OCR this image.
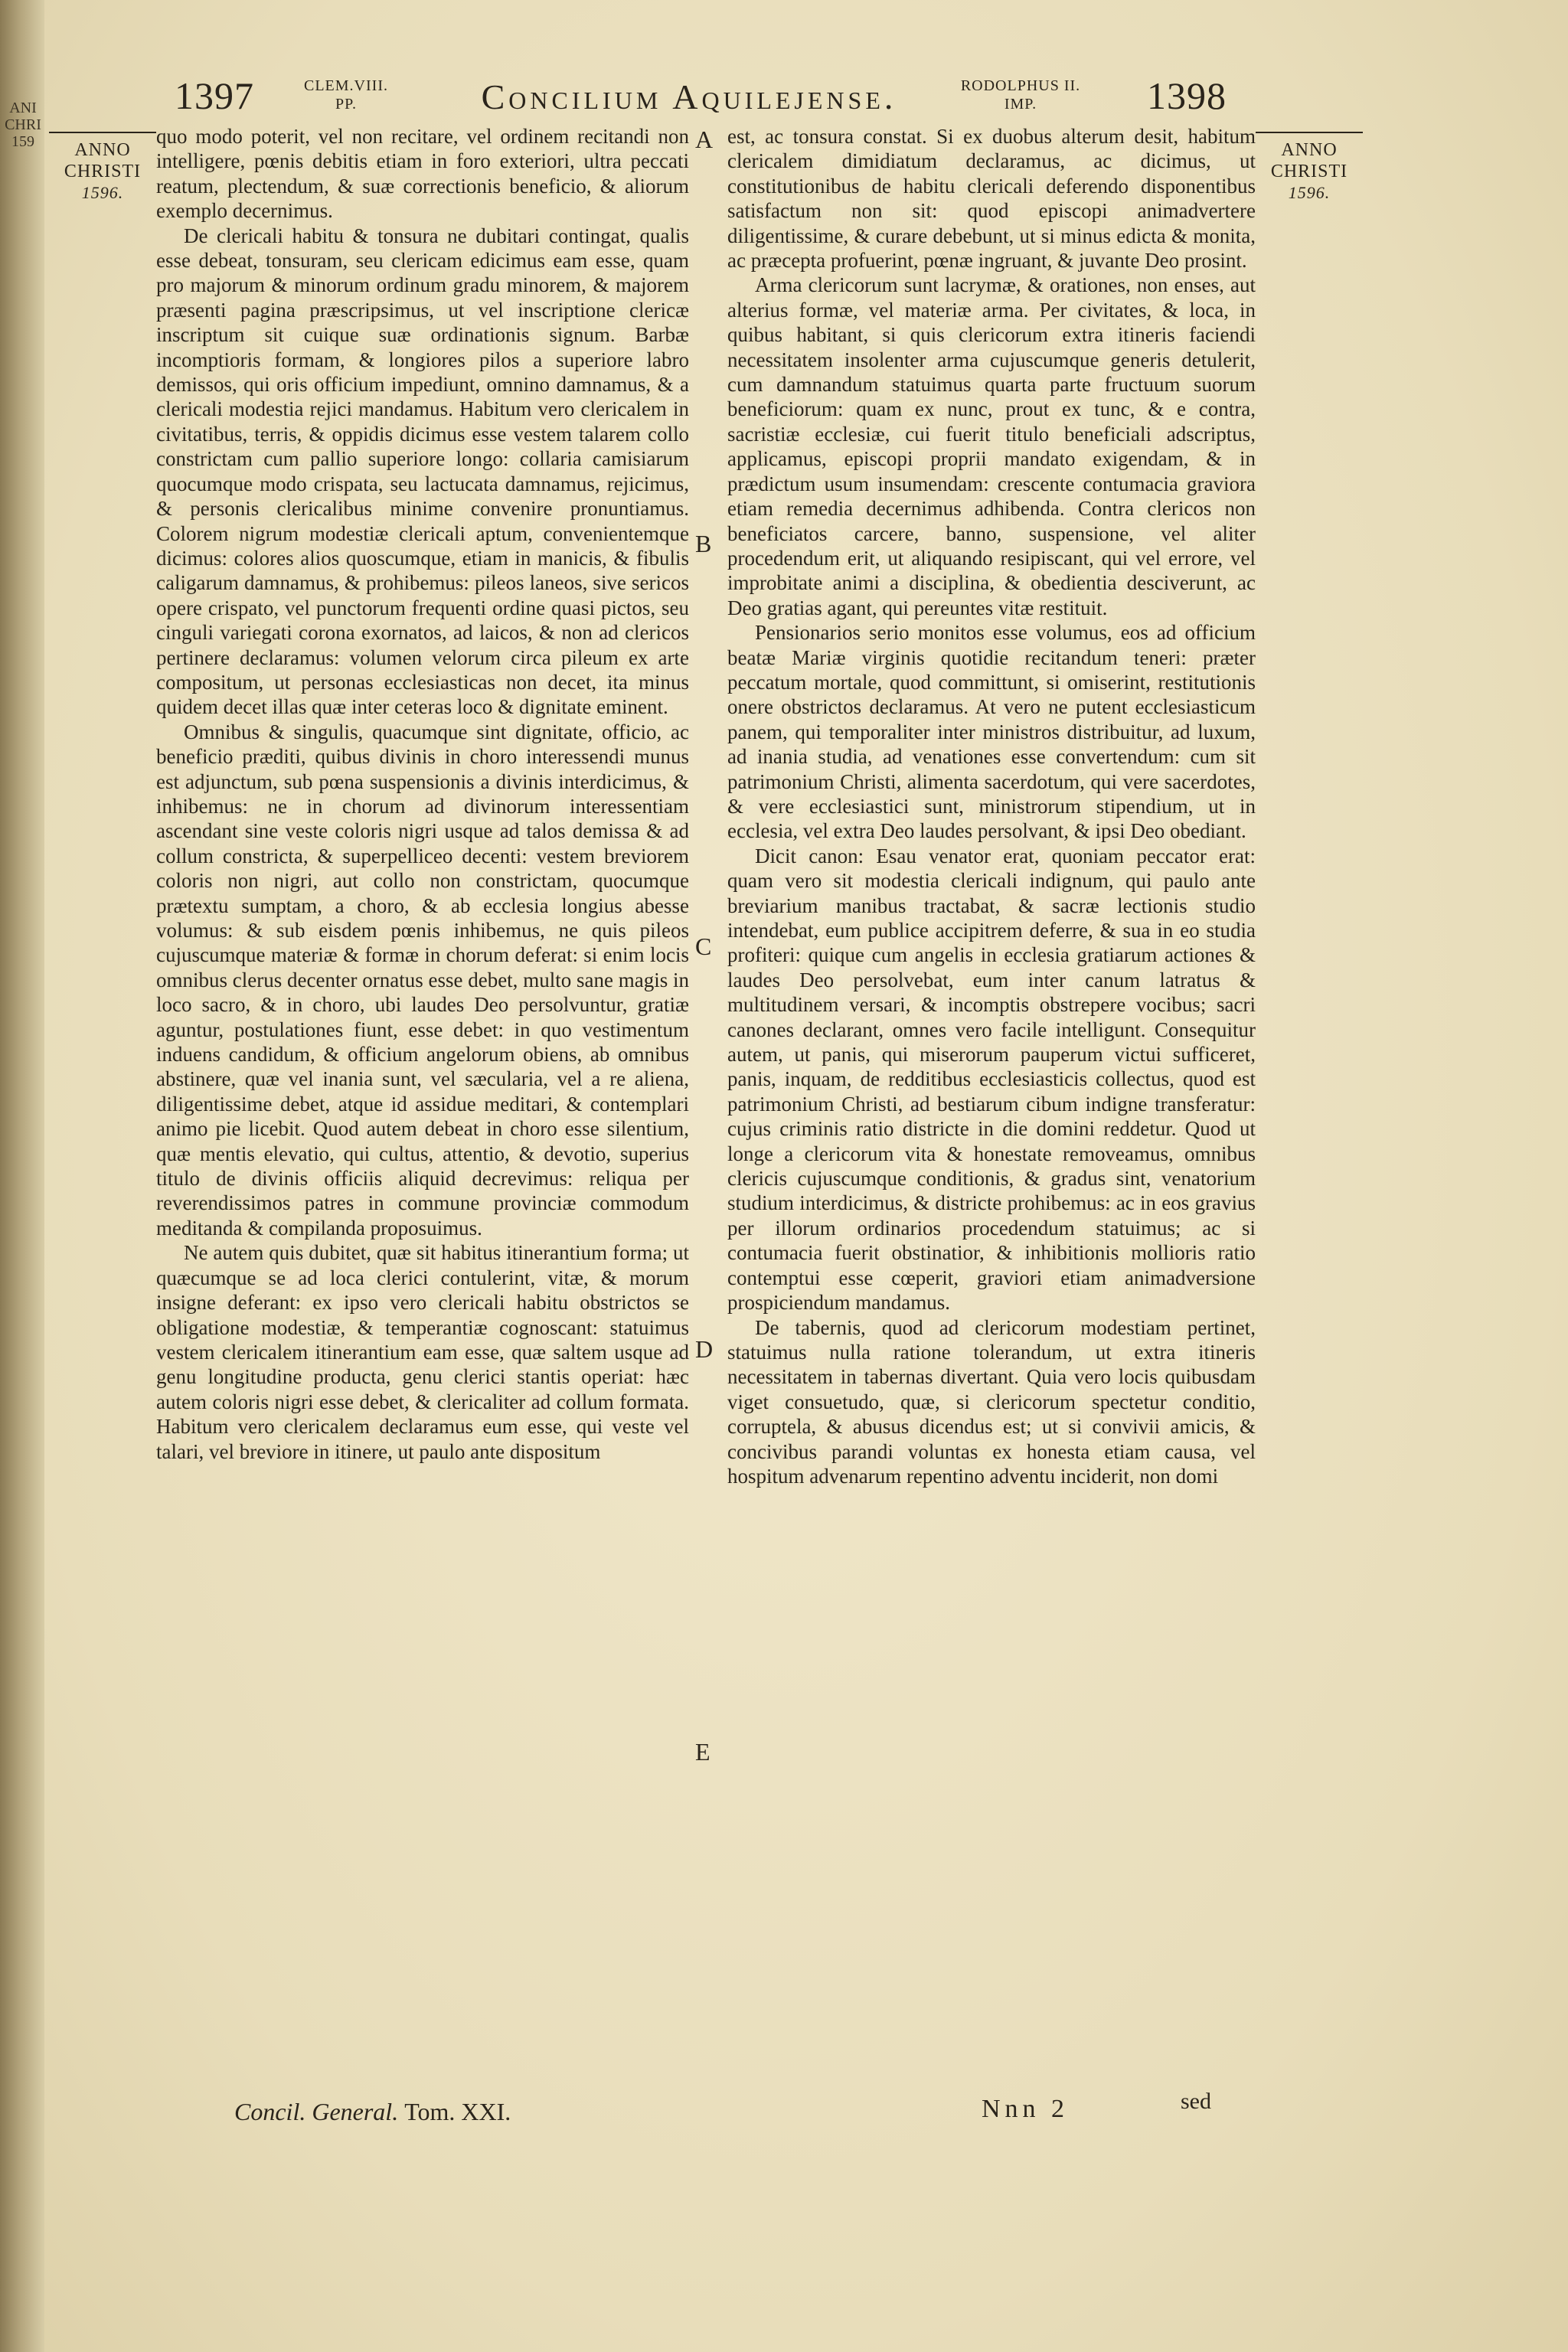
ANI CHRI 159
1397	CLEM.VIII. PP.	Concilium Aquilejense.	RODOLPHUS II. IMP.	1398
ANNO CHRISTI
1596.
ANNO CHRISTI
1596.

quo modo poterit, vel non recitare, vel ordinem recitandi non intelligere, pœnis debitis etiam in foro exteriori, ultra peccati reatum, plectendum, & suæ correctionis beneficio, & aliorum exemplo decernimus.

De clericali habitu & tonsura ne dubitari contingat, qualis esse debeat, tonsuram, seu clericam edicimus eam esse, quam pro majorum & minorum ordinum gradu minorem, & majorem præsenti pagina præscripsimus, ut vel inscriptione clericæ inscriptum sit cuique suæ ordinationis signum. Barbæ incomptioris formam, & longiores pilos a superiore labro demissos, qui oris officium impediunt, omnino damnamus, & a clericali modestia rejici mandamus. Habitum vero clericalem in civitatibus, terris, & oppidis dicimus esse vestem talarem collo constrictam cum pallio superiore longo: collaria camisiarum quocumque modo crispata, seu lactucata damnamus, rejicimus, & personis clericalibus minime convenire pronuntiamus. Colorem nigrum modestiæ clericali aptum, convenientemque dicimus: colores alios quoscumque, etiam in manicis, & fibulis caligarum damnamus, & prohibemus: pileos laneos, sive sericos opere crispato, vel punctorum frequenti ordine quasi pictos, seu cinguli variegati corona exornatos, ad laicos, & non ad clericos pertinere declaramus: volumen velorum circa pileum ex arte compositum, ut personas ecclesiasticas non decet, ita minus quidem decet illas quæ inter ceteras loco & dignitate eminent.

Omnibus & singulis, quacumque sint dignitate, officio, ac beneficio præditi, quibus divinis in choro interessendi munus est adjunctum, sub pœna suspensionis a divinis interdicimus, & inhibemus: ne in chorum ad divinorum interessentiam ascendant sine veste coloris nigri usque ad talos demissa & ad collum constricta, & superpelliceo decenti: vestem breviorem coloris non nigri, aut collo non constrictam, quocumque prætextu sumptam, a choro, & ab ecclesia longius abesse volumus: & sub eisdem pœnis inhibemus, ne quis pileos cujuscumque materiæ & formæ in chorum deferat: si enim locis omnibus clerus decenter ornatus esse debet, multo sane magis in loco sacro, & in choro, ubi laudes Deo persolvuntur, gratiæ aguntur, postulationes fiunt, esse debet: in quo vestimentum induens candidum, & officium angelorum obiens, ab omnibus abstinere, quæ vel inania sunt, vel sæcularia, vel a re aliena, diligentissime debet, atque id assidue meditari, & contemplari animo pie licebit. Quod autem debeat in choro esse silentium, quæ mentis elevatio, qui cultus, attentio, & devotio, superius titulo de divinis officiis aliquid decrevimus: reliqua per reverendissimos patres in commune provinciæ commodum meditanda & compilanda proposuimus.

Ne autem quis dubitet, quæ sit habitus itinerantium forma; ut quæcumque se ad loca clerici contulerint, vitæ, & morum insigne deferant: ex ipso vero clericali habitu obstrictos se obligatione modestiæ, & temperantiæ cognoscant: statuimus vestem clericalem itinerantium eam esse, quæ saltem usque ad genu longitudine producta, genu clerici stantis operiat: hæc autem coloris nigri esse debet, & clericaliter ad collum formata. Habitum vero clericalem declaramus eum esse, qui veste vel talari, vel breviore in itinere, ut paulo ante dispositum

A
B
C
D
E

est, ac tonsura constat. Si ex duobus alterum desit, habitum clericalem dimidiatum declaramus, ac dicimus, ut constitutionibus de habitu clericali deferendo disponentibus satisfactum non sit: quod episcopi animadvertere diligentissime, & curare debebunt, ut si minus edicta & monita, ac præcepta profuerint, pœnæ ingruant, & juvante Deo prosint.

Arma clericorum sunt lacrymæ, & orationes, non enses, aut alterius formæ, vel materiæ arma. Per civitates, & loca, in quibus habitant, si quis clericorum extra itineris faciendi necessitatem insolenter arma cujuscumque generis detulerit, cum damnandum statuimus quarta parte fructuum suorum beneficiorum: quam ex nunc, prout ex tunc, & e contra, sacristiæ ecclesiæ, cui fuerit titulo beneficiali adscriptus, applicamus, episcopi proprii mandato exigendam, & in prædictum usum insumendam: crescente contumacia graviora etiam remedia decernimus adhibenda. Contra clericos non beneficiatos carcere, banno, suspensione, vel aliter procedendum erit, ut aliquando resipiscant, qui vel errore, vel improbitate animi a disciplina, & obedientia desciverunt, ac Deo gratias agant, qui pereuntes vitæ restituit.

Pensionarios serio monitos esse volumus, eos ad officium beatæ Mariæ virginis quotidie recitandum teneri: præter peccatum mortale, quod committunt, si omiserint, restitutionis onere obstrictos declaramus. At vero ne putent ecclesiasticum panem, qui temporaliter inter ministros distribuitur, ad luxum, ad inania studia, ad venationes esse convertendum: cum sit patrimonium Christi, alimenta sacerdotum, qui vere sacerdotes, & vere ecclesiastici sunt, ministrorum stipendium, ut in ecclesia, vel extra Deo laudes persolvant, & ipsi Deo obediant.

Dicit canon: Esau venator erat, quoniam peccator erat: quam vero sit modestia clericali indignum, qui paulo ante breviarium manibus tractabat, & sacræ lectionis studio intendebat, eum publice accipitrem deferre, & sua in eo studia profiteri: quique cum angelis in ecclesia gratiarum actiones & laudes Deo persolvebat, eum inter canum latratus & multitudinem versari, & incomptis obstrepere vocibus; sacri canones declarant, omnes vero facile intelligunt. Consequitur autem, ut panis, qui miserorum pauperum victui sufficeret, panis, inquam, de redditibus ecclesiasticis collectus, quod est patrimonium Christi, ad bestiarum cibum indigne transferatur: cujus criminis ratio districte in die domini reddetur. Quod ut longe a clericorum vita & honestate removeamus, omnibus clericis cujuscumque conditionis, & gradus sint, venatorium studium interdicimus, & districte prohibemus: ac in eos gravius per illorum ordinarios procedendum statuimus; ac si contumacia fuerit obstinatior, & inhibitionis mollioris ratio contemptui esse cœperit, graviori etiam animadversione prospiciendum mandamus.

De tabernis, quod ad clericorum modestiam pertinet, statuimus nulla ratione tolerandum, ut extra itineris necessitatem in tabernas divertant. Quia vero locis quibusdam viget consuetudo, quæ, si clericorum spectetur conditio, corruptela, & abusus dicendus est; ut si convivii amicis, & concivibus parandi voluntas ex honesta etiam causa, vel hospitum advenarum repentino adventu inciderit, non domi

Concil. General. Tom. XXI.	Nnn 2	sed
